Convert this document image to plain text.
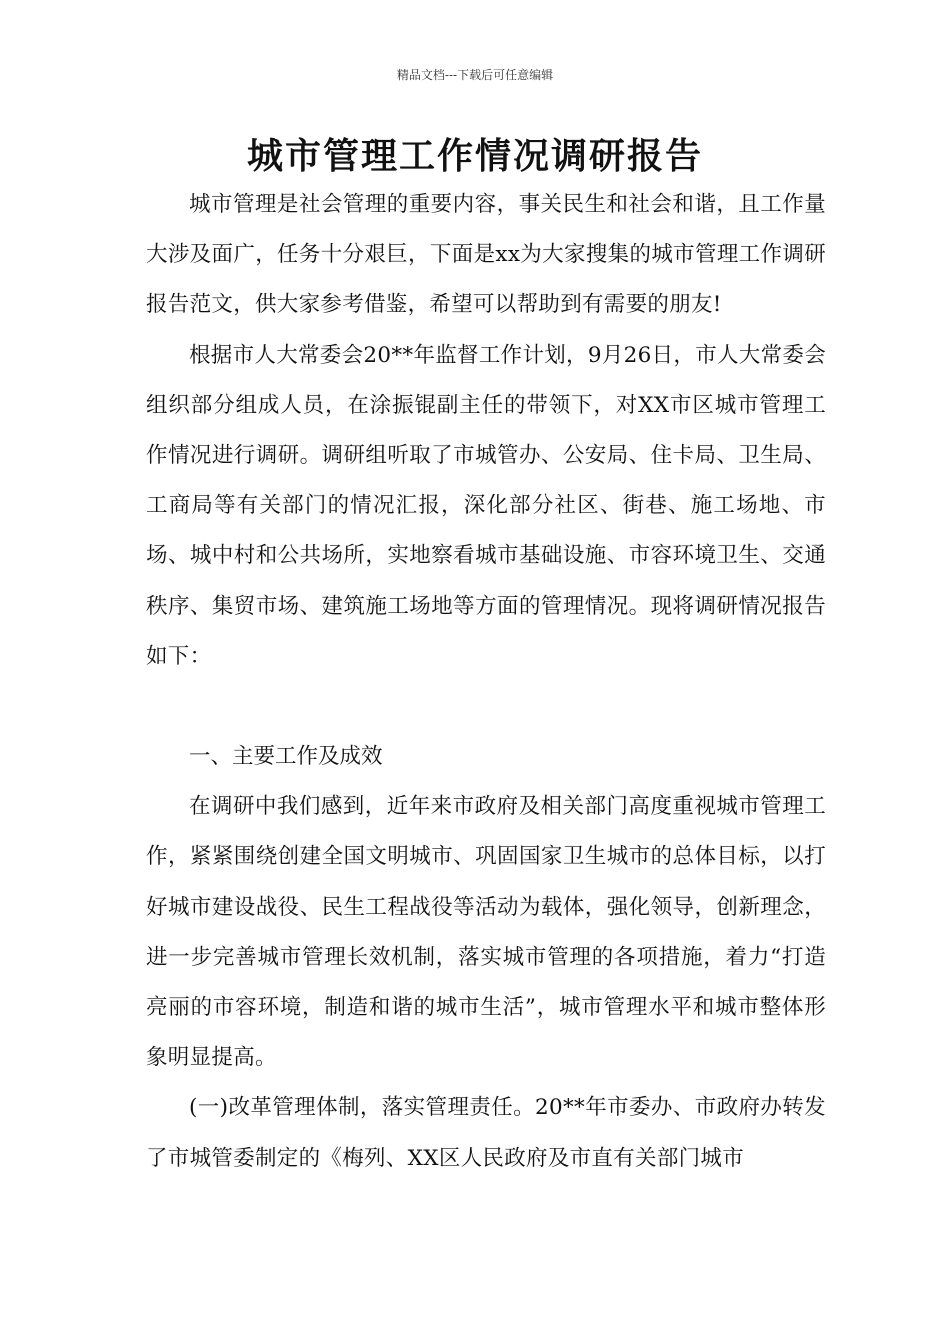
精品文档---下载后可任意编辑
城市管理工作情况调研报告

城市管理是社会管理的重要内容，事关民生和社会和谐，且工作量大涉及面广，任务十分艰巨，下面是xx为大家搜集的城市管理工作调研报告范文，供大家参考借鉴，希望可以帮助到有需要的朋友!

根据市人大常委会20**年监督工作计划，9月26日，市人大常委会组织部分组成人员，在涂振锟副主任的带领下，对XX市区城市管理工作情况进行调研。调研组听取了市城管办、公安局、住卡局、卫生局、工商局等有关部门的情况汇报，深化部分社区、街巷、施工场地、市场、城中村和公共场所，实地察看城市基础设施、市容环境卫生、交通秩序、集贸市场、建筑施工场地等方面的管理情况。现将调研情况报告如下：

一、主要工作及成效

在调研中我们感到，近年来市政府及相关部门高度重视城市管理工作，紧紧围绕创建全国文明城市、巩固国家卫生城市的总体目标，以打好城市建设战役、民生工程战役等活动为载体，强化领导，创新理念，进一步完善城市管理长效机制，落实城市管理的各项措施，着力“打造亮丽的市容环境，制造和谐的城市生活”，城市管理水平和城市整体形象明显提高。

(一)改革管理体制，落实管理责任。20**年市委办、市政府办转发了市城管委制定的《梅列、XX区人民政府及市直有关部门城市
